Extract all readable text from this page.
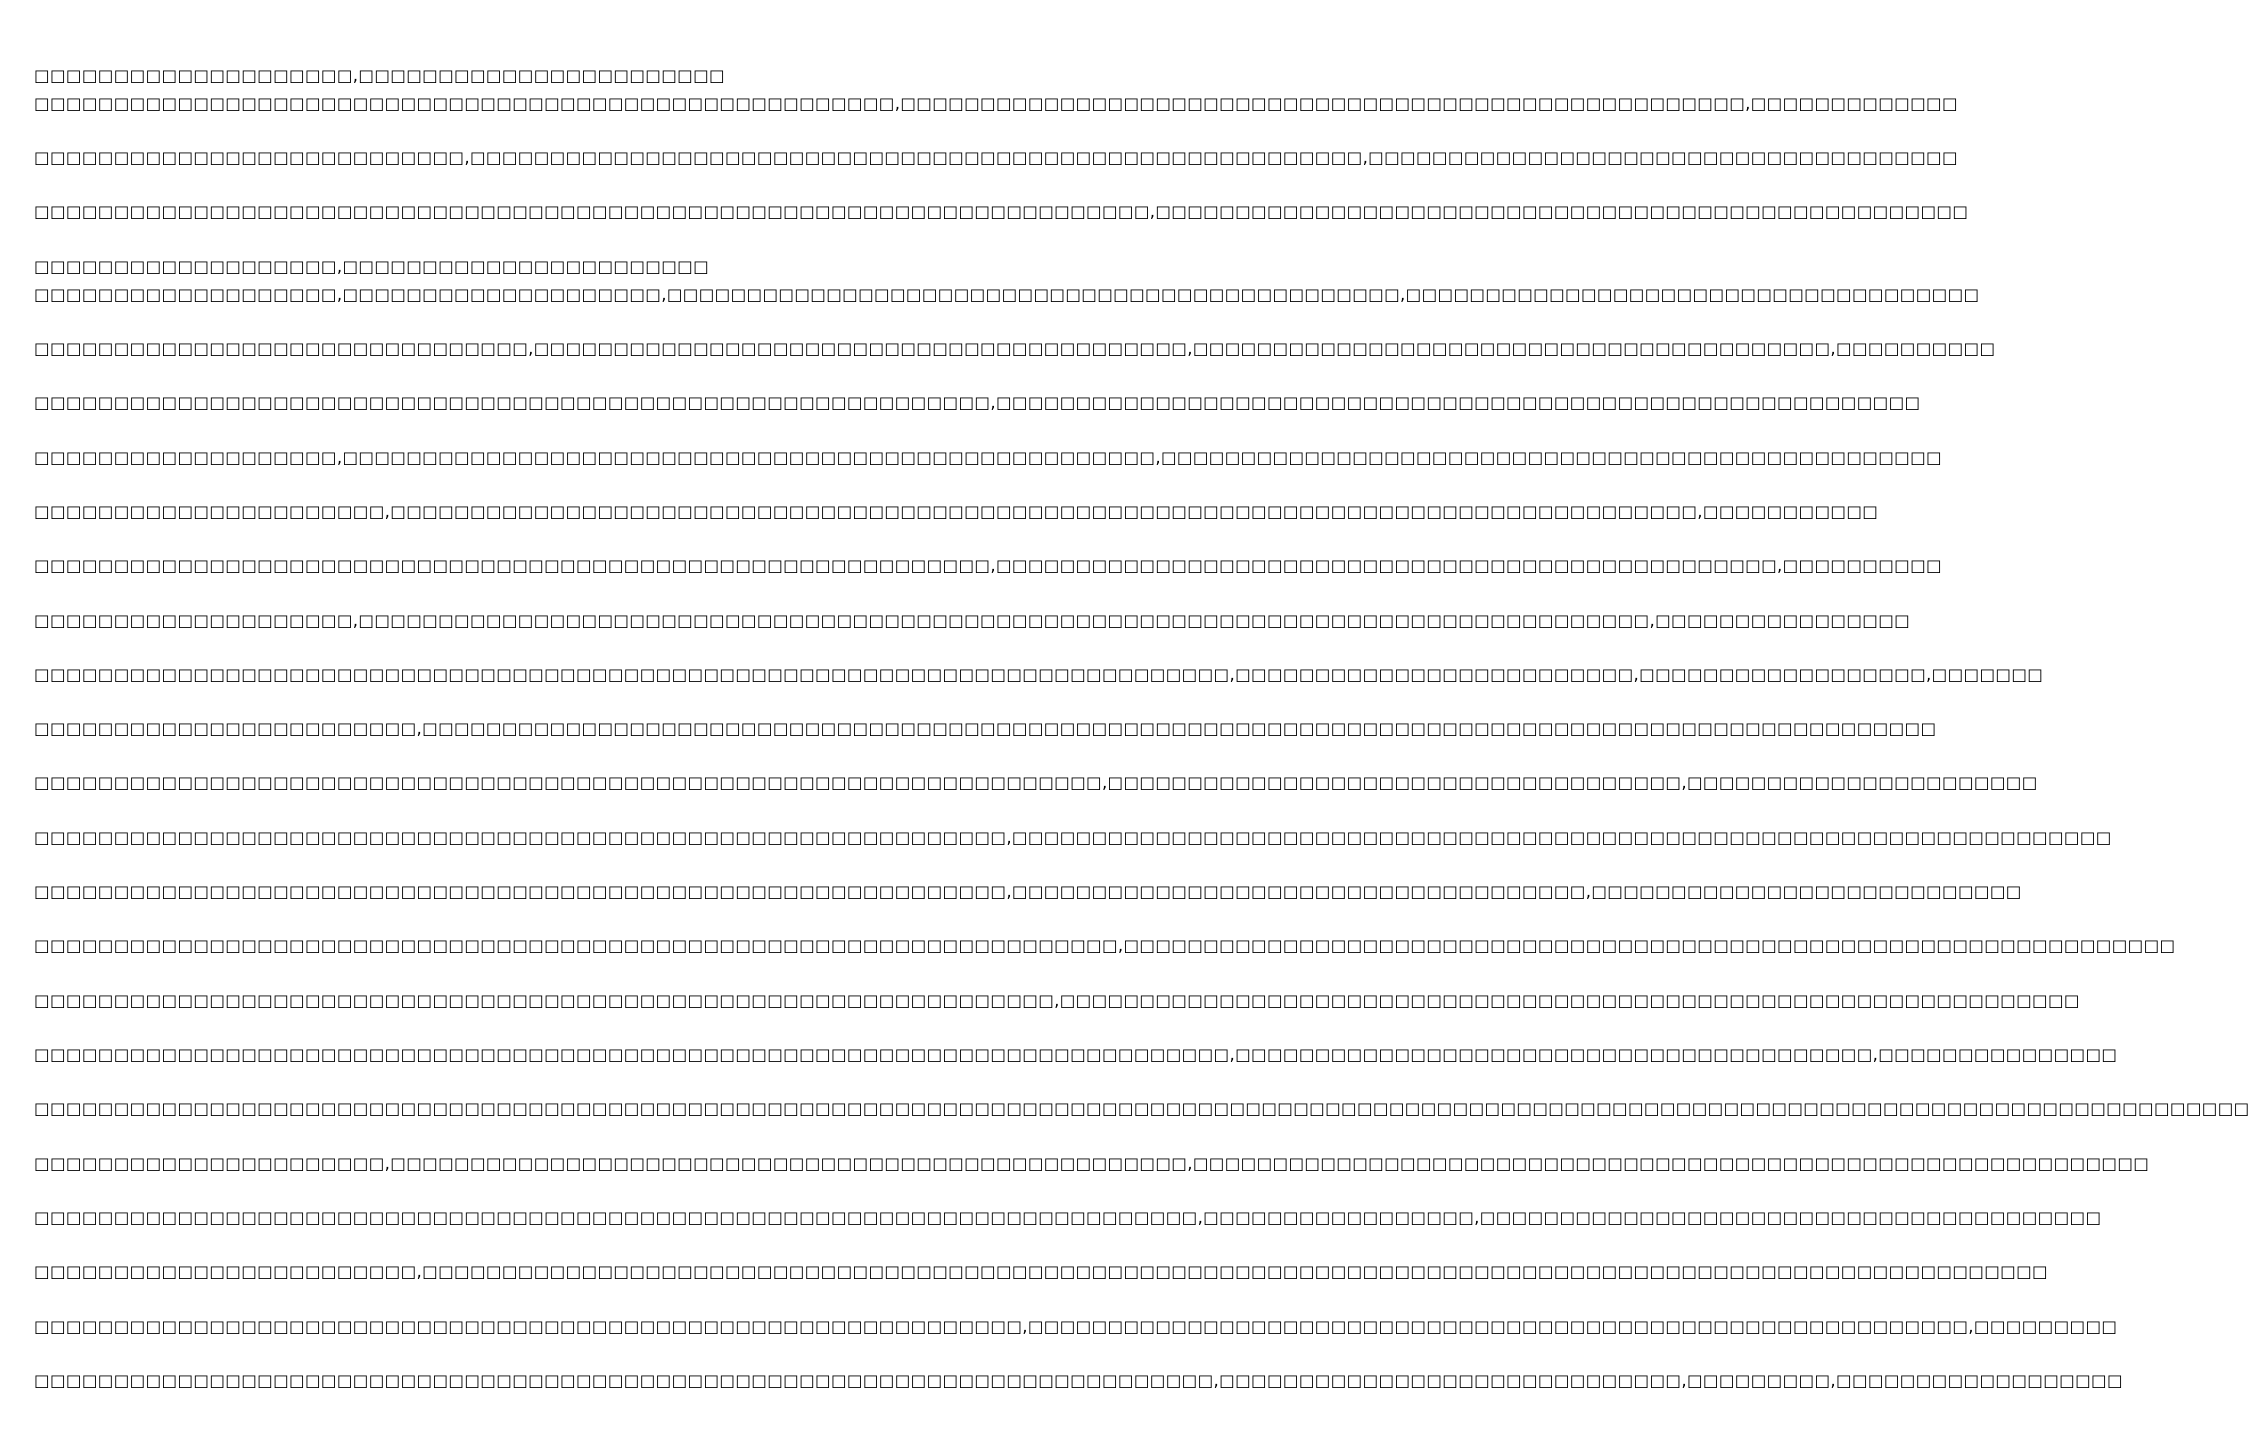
□□□□□□□□□□□□□□□□□□□□,□□□□□□□□□□□□□□□□□□□□□□□
□□□□□□□□□□□□□□□□□□□□□□□□□□□□□□□□□□□□□□□□□□□□□□□□□□□□□□,□□□□□□□□□□□□□□□□□□□□□□□□□□□□□□□□□□□□□□□□□□□□□□□□□□□□□,□□□□□□□□□□□□□
□□□□□□□□□□□□□□□□□□□□□□□□□□□,□□□□□□□□□□□□□□□□□□□□□□□□□□□□□□□□□□□□□□□□□□□□□□□□□□□□□□□□,□□□□□□□□□□□□□□□□□□□□□□□□□□□□□□□□□□□□□
□□□□□□□□□□□□□□□□□□□□□□□□□□□□□□□□□□□□□□□□□□□□□□□□□□□□□□□□□□□□□□□□□□□□□□,□□□□□□□□□□□□□□□□□□□□□□□□□□□□□□□□□□□□□□□□□□□□□□□□□□□
□□□□□□□□□□□□□□□□□□□,□□□□□□□□□□□□□□□□□□□□□□□
□□□□□□□□□□□□□□□□□□□,□□□□□□□□□□□□□□□□□□□□,□□□□□□□□□□□□□□□□□□□□□□□□□□□□□□□□□□□□□□□□□□□□□□,□□□□□□□□□□□□□□□□□□□□□□□□□□□□□□□□□□□□
□□□□□□□□□□□□□□□□□□□□□□□□□□□□□□□,□□□□□□□□□□□□□□□□□□□□□□□□□□□□□□□□□□□□□□□□□,□□□□□□□□□□□□□□□□□□□□□□□□□□□□□□□□□□□□□□□□,□□□□□□□□□□
□□□□□□□□□□□□□□□□□□□□□□□□□□□□□□□□□□□□□□□□□□□□□□□□□□□□□□□□□□□□,□□□□□□□□□□□□□□□□□□□□□□□□□□□□□□□□□□□□□□□□□□□□□□□□□□□□□□□□□□
□□□□□□□□□□□□□□□□□□□,□□□□□□□□□□□□□□□□□□□□□□□□□□□□□□□□□□□□□□□□□□□□□□□□□□□,□□□□□□□□□□□□□□□□□□□□□□□□□□□□□□□□□□□□□□□□□□□□□□□□□
□□□□□□□□□□□□□□□□□□□□□□,□□□□□□□□□□□□□□□□□□□□□□□□□□□□□□□□□□□□□□□□□□□□□□□□□□□□□□□□□□□□□□□□□□□□□□□□□□□□□□□□□□,□□□□□□□□□□□
□□□□□□□□□□□□□□□□□□□□□□□□□□□□□□□□□□□□□□□□□□□□□□□□□□□□□□□□□□□□,□□□□□□□□□□□□□□□□□□□□□□□□□□□□□□□□□□□□□□□□□□□□□□□□□,□□□□□□□□□□
□□□□□□□□□□□□□□□□□□□□,□□□□□□□□□□□□□□□□□□□□□□□□□□□□□□□□□□□□□□□□□□□□□□□□□□□□□□□□□□□□□□□□□□□□□□□□□□□□□□□□□,□□□□□□□□□□□□□□□□
□□□□□□□□□□□□□□□□□□□□□□□□□□□□□□□□□□□□□□□□□□□□□□□□□□□□□□□□□□□□□□□□□□□□□□□□□□□,□□□□□□□□□□□□□□□□□□□□□□□□□,□□□□□□□□□□□□□□□□□□,□□□□□□□
□□□□□□□□□□□□□□□□□□□□□□□□,□□□□□□□□□□□□□□□□□□□□□□□□□□□□□□□□□□□□□□□□□□□□□□□□□□□□□□□□□□□□□□□□□□□□□□□□□□□□□□□□□□□□□□□□□□□□□□□
□□□□□□□□□□□□□□□□□□□□□□□□□□□□□□□□□□□□□□□□□□□□□□□□□□□□□□□□□□□□□□□□□□□,□□□□□□□□□□□□□□□□□□□□□□□□□□□□□□□□□□□□,□□□□□□□□□□□□□□□□□□□□□□
□□□□□□□□□□□□□□□□□□□□□□□□□□□□□□□□□□□□□□□□□□□□□□□□□□□□□□□□□□□□□,□□□□□□□□□□□□□□□□□□□□□□□□□□□□□□□□□□□□□□□□□□□□□□□□□□□□□□□□□□□□□□□□□□□□□
□□□□□□□□□□□□□□□□□□□□□□□□□□□□□□□□□□□□□□□□□□□□□□□□□□□□□□□□□□□□□,□□□□□□□□□□□□□□□□□□□□□□□□□□□□□□□□□□□□,□□□□□□□□□□□□□□□□□□□□□□□□□□□
□□□□□□□□□□□□□□□□□□□□□□□□□□□□□□□□□□□□□□□□□□□□□□□□□□□□□□□□□□□□□□□□□□□□,□□□□□□□□□□□□□□□□□□□□□□□□□□□□□□□□□□□□□□□□□□□□□□□□□□□□□□□□□□□□□□□□□□
□□□□□□□□□□□□□□□□□□□□□□□□□□□□□□□□□□□□□□□□□□□□□□□□□□□□□□□□□□□□□□□□,□□□□□□□□□□□□□□□□□□□□□□□□□□□□□□□□□□□□□□□□□□□□□□□□□□□□□□□□□□□□□□□□
□□□□□□□□□□□□□□□□□□□□□□□□□□□□□□□□□□□□□□□□□□□□□□□□□□□□□□□□□□□□□□□□□□□□□□□□□□□,□□□□□□□□□□□□□□□□□□□□□□□□□□□□□□□□□□□□□□□□,□□□□□□□□□□□□□□□
□□□□□□□□□□□□□□□□□□□□□□□□□□□□□□□□□□□□□□□□□□□□□□□□□□□□□□□□□□□□□□□□□□□□□□□□□□□□□□□□□□□□□□□□□□□□□□□□□□□□□□□□□□□□□□□□□□□□□□□□□□□□□□□□□□□□□□□□□□□
□□□□□□□□□□□□□□□□□□□□□□,□□□□□□□□□□□□□□□□□□□□□□□□□□□□□□□□□□□□□□□□□□□□□□□□□□,□□□□□□□□□□□□□□□□□□□□□□□□□□□□□□□□□□□□□□□□□□□□□□□□□□□□□□□□□□□□
□□□□□□□□□□□□□□□□□□□□□□□□□□□□□□□□□□□□□□□□□□□□□□□□□□□□□□□□□□□□□□□□□□□□□□□□□,□□□□□□□□□□□□□□□□□,□□□□□□□□□□□□□□□□□□□□□□□□□□□□□□□□□□□□□□□
□□□□□□□□□□□□□□□□□□□□□□□□,□□□□□□□□□□□□□□□□□□□□□□□□□□□□□□□□□□□□□□□□□□□□□□□□□□□□□□□□□□□□□□□□□□□□□□□□□□□□□□□□□□□□□□□□□□□□□□□□□□□□□□
□□□□□□□□□□□□□□□□□□□□□□□□□□□□□□□□□□□□□□□□□□□□□□□□□□□□□□□□□□□□□□,□□□□□□□□□□□□□□□□□□□□□□□□□□□□□□□□□□□□□□□□□□□□□□□□□□□□□□□□□□□,□□□□□□□□□
□□□□□□□□□□□□□□□□□□□□□□□□□□□□□□□□□□□□□□□□□□□□□□□□□□□□□□□□□□□□□□□□□□□□□□□□□□,□□□□□□□□□□□□□□□□□□□□□□□□□□□□□,□□□□□□□□□,□□□□□□□□□□□□□□□□□□
